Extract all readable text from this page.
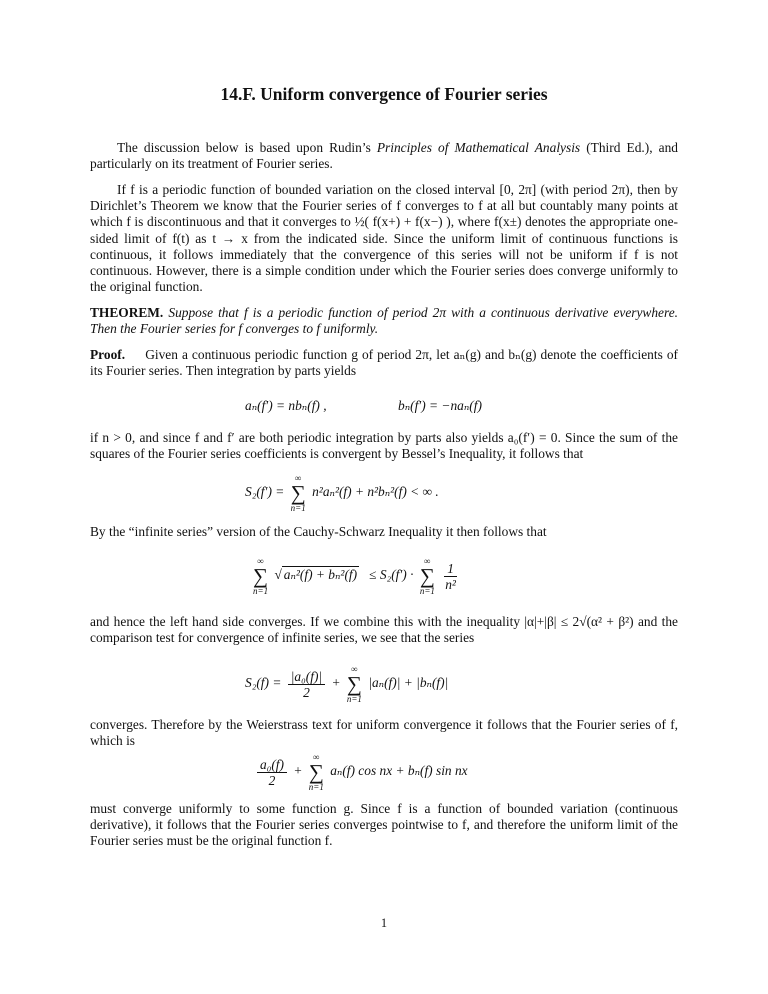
14.F. Uniform convergence of Fourier series
The discussion below is based upon Rudin’s Principles of Mathematical Analysis (Third Ed.), and particularly on its treatment of Fourier series.
If f is a periodic function of bounded variation on the closed interval [0, 2π] (with period 2π), then by Dirichlet’s Theorem we know that the Fourier series of f converges to f at all but countably many points at which f is discontinuous and that it converges to ½( f(x+) + f(x−) ), where f(x±) denotes the appropriate one-sided limit of f(t) as t → x from the indicated side. Since the uniform limit of continuous functions is continuous, it follows immediately that the convergence of this series will not be uniform if f is not continuous. However, there is a simple condition under which the Fourier series does converge uniformly to the original function.
THEOREM. Suppose that f is a periodic function of period 2π with a continuous derivative everywhere. Then the Fourier series for f converges to f uniformly.
Proof. Given a continuous periodic function g of period 2π, let aₙ(g) and bₙ(g) denote the coefficients of its Fourier series. Then integration by parts yields
aₙ(f′) = nbₙ(f) ,	bₙ(f′) = −naₙ(f)
if n > 0, and since f and f′ are both periodic integration by parts also yields a₀(f′) = 0. Since the sum of the squares of the Fourier series coefficients is convergent by Bessel’s Inequality, it follows that
S₂(f′) =
∞
∑
n=1
n²aₙ²(f) + n²bₙ²(f) < ∞ .
By the “infinite series” version of the Cauchy-Schwarz Inequality it then follows that
∞
∑
n=1
√ aₙ²(f) + bₙ²(f) ≤ S₂(f′) ·
∞
∑
n=1
$\frac{1}{\text{n²}}$
and hence the left hand side converges. If we combine this with the inequality |α|+|β| ≤ 2√(α² + β²) and the comparison test for convergence of infinite series, we see that the series
$S_2(f) = \frac{\text{|a₀(f)|}}{2}$ +
∞
∑
n=1
|aₙ(f)| + |bₙ(f)|
converges. Therefore by the Weierstrass text for uniform convergence it follows that the Fourier series of f, which is
$\frac{\text{a₀(f)}}{2}$ +
∞
∑
n=1
aₙ(f) cos nx + bₙ(f) sin nx
must converge uniformly to some function g. Since f is a function of bounded variation (continuous derivative), it follows that the Fourier series converges pointwise to f, and therefore the uniform limit of the Fourier series must be the original function f.
1
